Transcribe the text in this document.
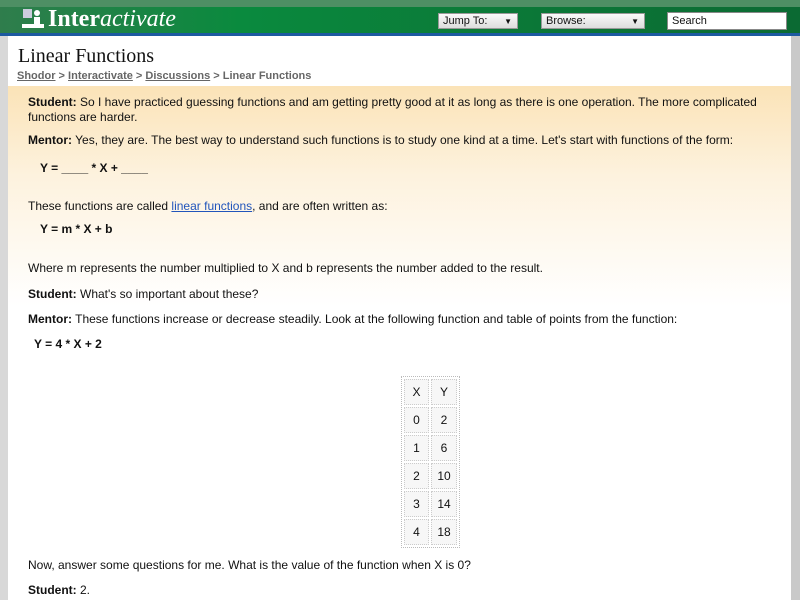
Inter activate	Jump To: ▼	Browse:	▼	Search
Linear Functions
Shodor > Interactivate > Discussions > Linear Functions
Student: So I have practiced guessing functions and am getting pretty good at it as long as there is one operation. The more complicated functions are harder.
Mentor: Yes, they are. The best way to understand such functions is to study one kind at a time. Let's start with functions of the form:
Y = ____ * X + ____
These functions are called linear functions, and are often written as:
Y = m * X + b
Where m represents the number multiplied to X and b represents the number added to the result.
Student: What's so important about these?
Mentor: These functions increase or decrease steadily. Look at the following function and table of points from the function:
Y = 4 * X + 2
Now, answer some questions for me. What is the value of the function when X is 0?
Student: 2.
X	Y
0	2
1	6
2	10
3	14
4	18
